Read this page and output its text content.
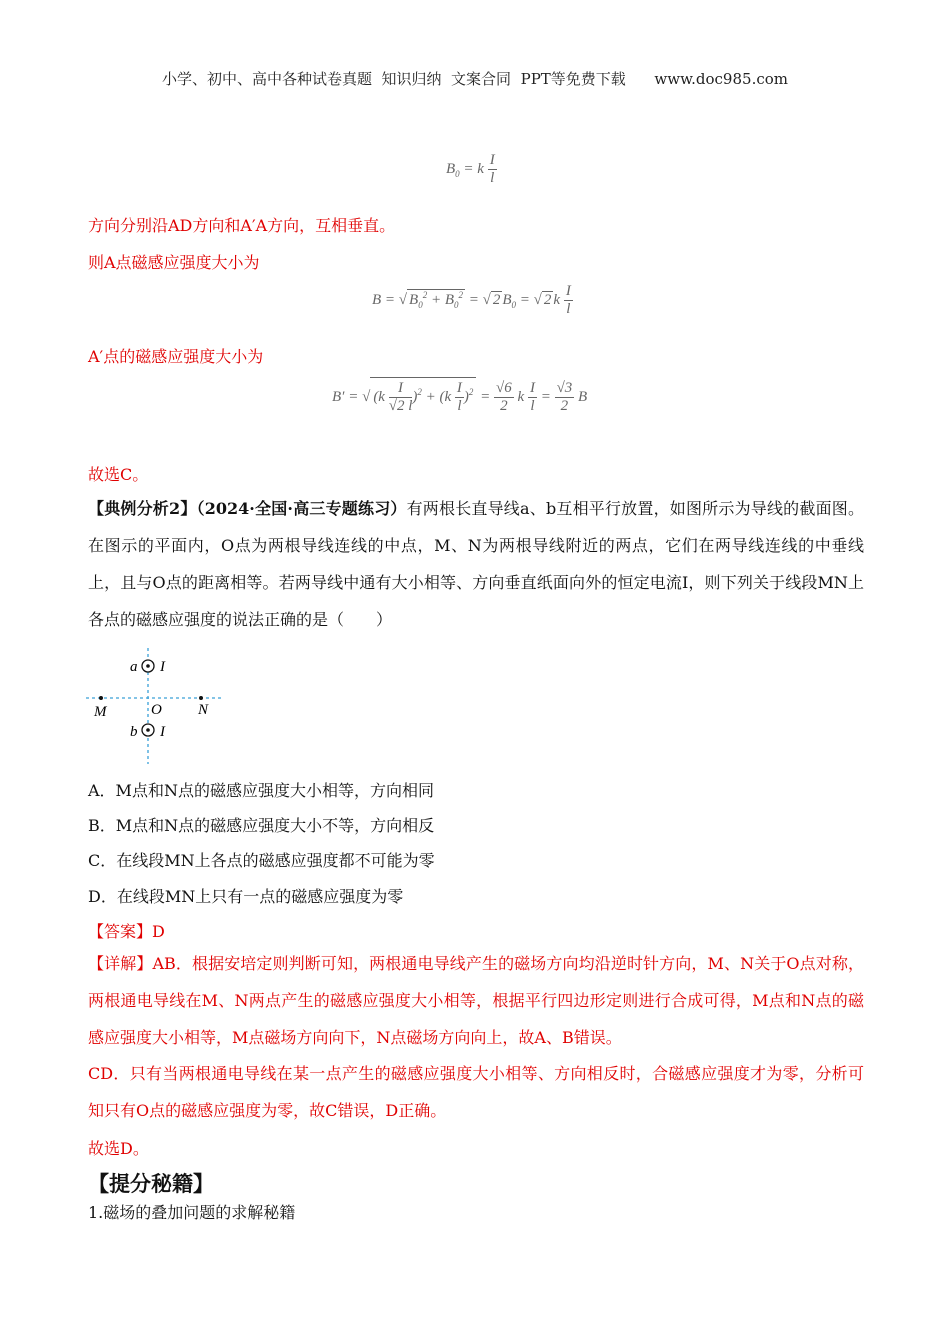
小学、初中、高中各种试卷真题  知识归纳  文案合同  PPT等免费下载      www.doc985.com
$B_0 = k \frac{I}{l}$
方向分别沿AD方向和A′A方向，互相垂直。
则A点磁感应强度大小为
B = √ $B_0^2 + B_0^2$ = √ 2 $B_0$ = √ 2 k $\frac{I}{l}$
A′点的磁感应强度大小为
B′ = √ $(k \frac{I}{√2 l} )^2 + (k \frac{I}{l} )^2 = \frac{√6}{2}$ k $\frac{I}{l} = \frac{√3}{2}$ B
故选C。
【典例分析2】（2024·全国·高三专题练习）有两根长直导线a、b互相平行放置，如图所示为导线的截面图。在图示的平面内，O点为两根导线连线的中点，M、N为两根导线附近的两点，它们在两导线连线的中垂线上，且与O点的距离相等。若两导线中通有大小相等、方向垂直纸面向外的恒定电流I，则下列关于线段MN上各点的磁感应强度的说法正确的是（　　）
a I
b I
M	N
O
A．M点和N点的磁感应强度大小相等，方向相同
B．M点和N点的磁感应强度大小不等，方向相反
C．在线段MN上各点的磁感应强度都不可能为零
D．在线段MN上只有一点的磁感应强度为零
【答案】D
【详解】AB．根据安培定则判断可知，两根通电导线产生的磁场方向均沿逆时针方向，M、N关于O点对称，两根通电导线在M、N两点产生的磁感应强度大小相等，根据平行四边形定则进行合成可得，M点和N点的磁感应强度大小相等，M点磁场方向向下，N点磁场方向向上，故A、B错误。
CD．只有当两根通电导线在某一点产生的磁感应强度大小相等、方向相反时，合磁感应强度才为零，分析可知只有O点的磁感应强度为零，故C错误，D正确。
故选D。
【提分秘籍】
1.磁场的叠加问题的求解秘籍
